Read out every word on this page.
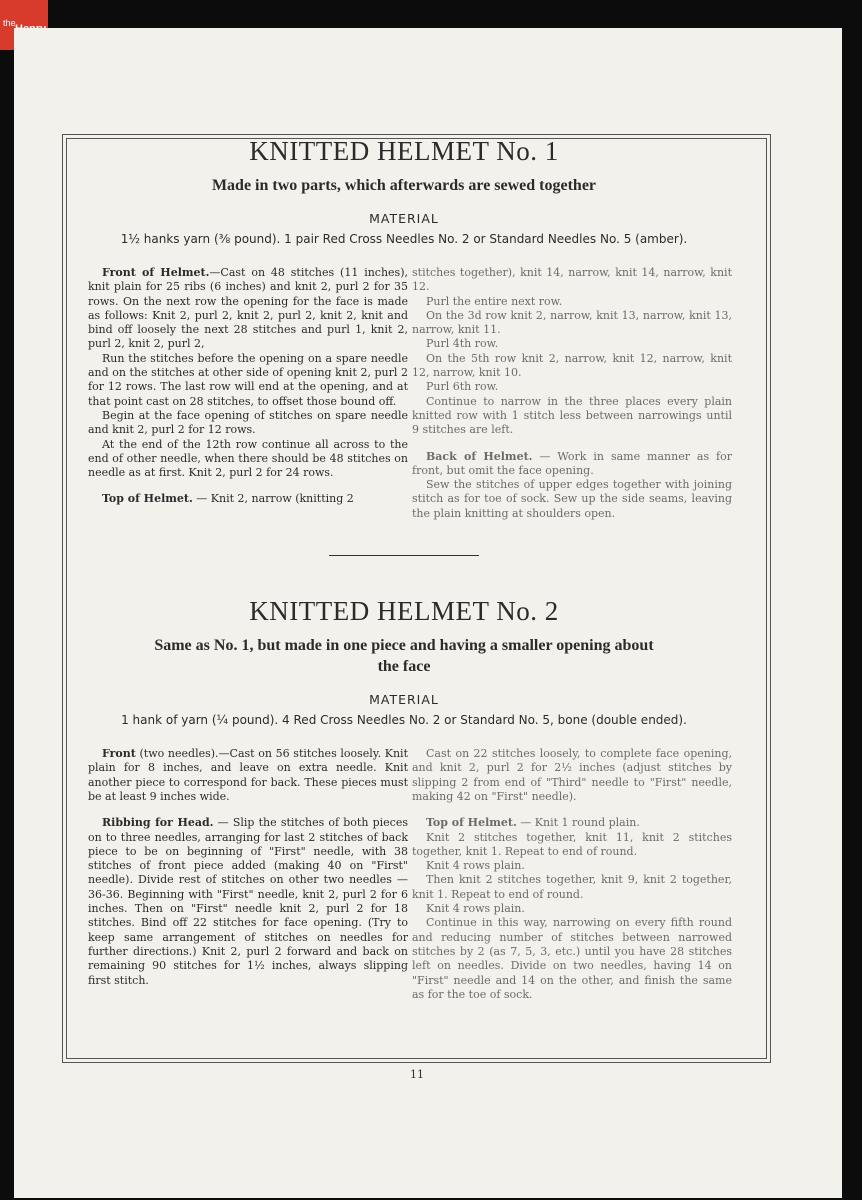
the
KNITTED HELMET No. 1
Made in two parts, which afterwards are sewed together
MATERIAL
1½ hanks yarn (⅜ pound). 1 pair Red Cross Needles No. 2 or Standard Needles No. 5 (amber).

Front of Helmet.—Cast on 48 stitches (11 inches), knit plain for 25 ribs (6 inches) and knit 2, purl 2 for 35 rows. On the next row the opening for the face is made as follows: Knit 2, purl 2, knit 2, purl 2, knit 2, knit and bind off loosely the next 28 stitches and purl 1, knit 2, purl 2, knit 2, purl 2,

Run the stitches before the opening on a spare needle and on the stitches at other side of opening knit 2, purl 2 for 12 rows. The last row will end at the opening, and at that point cast on 28 stitches, to offset those bound off.

Begin at the face opening of stitches on spare needle and knit 2, purl 2 for 12 rows.

At the end of the 12th row continue all across to the end of other needle, when there should be 48 stitches on needle as at first. Knit 2, purl 2 for 24 rows.

Top of Helmet. — Knit 2, narrow (knitting 2

stitches together), knit 14, narrow, knit 14, narrow, knit 12.

Purl the entire next row.

On the 3d row knit 2, narrow, knit 13, narrow, knit 13, narrow, knit 11.

Purl 4th row.

On the 5th row knit 2, narrow, knit 12, narrow, knit 12, narrow, knit 10.

Purl 6th row.

Continue to narrow in the three places every plain knitted row with 1 stitch less between narrowings until 9 stitches are left.

Back of Helmet. — Work in same manner as for front, but omit the face opening.

Sew the stitches of upper edges together with joining stitch as for toe of sock. Sew up the side seams, leaving the plain knitting at shoulders open.

KNITTED HELMET No. 2
Same as No. 1, but made in one piece and having a smaller opening about the face
MATERIAL
1 hank of yarn (¼ pound). 4 Red Cross Needles No. 2 or Standard No. 5, bone (double ended).

Front (two needles).—Cast on 56 stitches loosely. Knit plain for 8 inches, and leave on extra needle. Knit another piece to correspond for back. These pieces must be at least 9 inches wide.

Ribbing for Head. — Slip the stitches of both pieces on to three needles, arranging for last 2 stitches of back piece to be on beginning of "First" needle, with 38 stitches of front piece added (making 40 on "First" needle). Divide rest of stitches on other two needles — 36-36. Beginning with "First" needle, knit 2, purl 2 for 6 inches. Then on "First" needle knit 2, purl 2 for 18 stitches. Bind off 22 stitches for face opening. (Try to keep same arrangement of stitches on needles for further directions.) Knit 2, purl 2 forward and back on remaining 90 stitches for 1½ inches, always slipping first stitch.

Cast on 22 stitches loosely, to complete face opening, and knit 2, purl 2 for 2½ inches (adjust stitches by slipping 2 from end of "Third" needle to "First" needle, making 42 on "First" needle).

Top of Helmet. — Knit 1 round plain.

Knit 2 stitches together, knit 11, knit 2 stitches together, knit 1. Repeat to end of round.

Knit 4 rows plain.

Then knit 2 stitches together, knit 9, knit 2 together, knit 1. Repeat to end of round.

Knit 4 rows plain.

Continue in this way, narrowing on every fifth round and reducing number of stitches between narrowed stitches by 2 (as 7, 5, 3, etc.) until you have 28 stitches left on needles. Divide on two needles, having 14 on "First" needle and 14 on the other, and finish the same as for the toe of sock.

11
